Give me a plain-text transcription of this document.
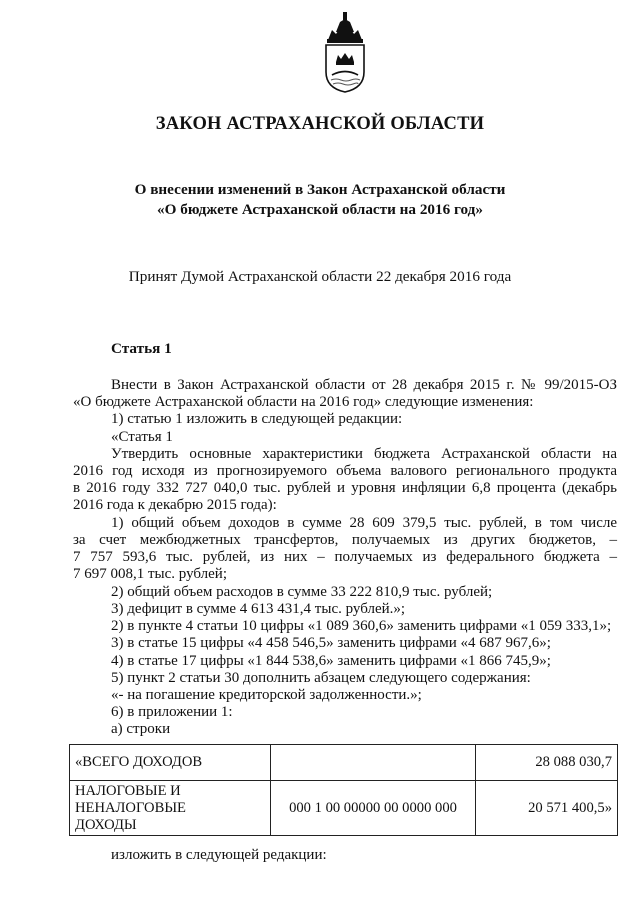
ЗАКОН АСТРАХАНСКОЙ ОБЛАСТИ
О внесении изменений в Закон Астраханской области
«О бюджете Астраханской области на 2016 год»
Принят Думой Астраханской области 22 декабря 2016 года
Статья 1
Внести в Закон Астраханской области от 28 декабря 2015 г. № 99/2015-ОЗ
«О бюджете Астраханской области на 2016 год» следующие изменения:
1) статью 1 изложить в следующей редакции:
«Статья 1
Утвердить основные характеристики бюджета Астраханской области на
2016 год исходя из прогнозируемого объема валового регионального продукта
в 2016 году 332 727 040,0 тыс. рублей и уровня инфляции 6,8 процента (декабрь
2016 года к декабрю 2015 года):
1) общий объем доходов в сумме 28 609 379,5 тыс. рублей, в том числе
за счет межбюджетных трансфертов, получаемых из других бюджетов, –
7 757 593,6 тыс. рублей, из них – получаемых из федерального бюджета –
7 697 008,1 тыс. рублей;
2) общий объем расходов в сумме 33 222 810,9 тыс. рублей;
3) дефицит в сумме 4 613 431,4 тыс. рублей.»;
2) в пункте 4 статьи 10 цифры «1 089 360,6» заменить цифрами «1 059 333,1»;
3) в статье 15 цифры «4 458 546,5» заменить цифрами «4 687 967,6»;
4) в статье 17 цифры «1 844 538,6» заменить цифрами «1 866 745,9»;
5) пункт 2 статьи 30 дополнить абзацем следующего содержания:
«- на погашение кредиторской задолженности.»;
6) в приложении 1:
а) строки
«ВСЕГО ДОХОДОВ		28 088 030,7

НАЛОГОВЫЕ И
НЕНАЛОГОВЫЕ
ДОХОДЫ	000 1 00 00000 00 0000 000	20 571 400,5»
изложить в следующей редакции:
